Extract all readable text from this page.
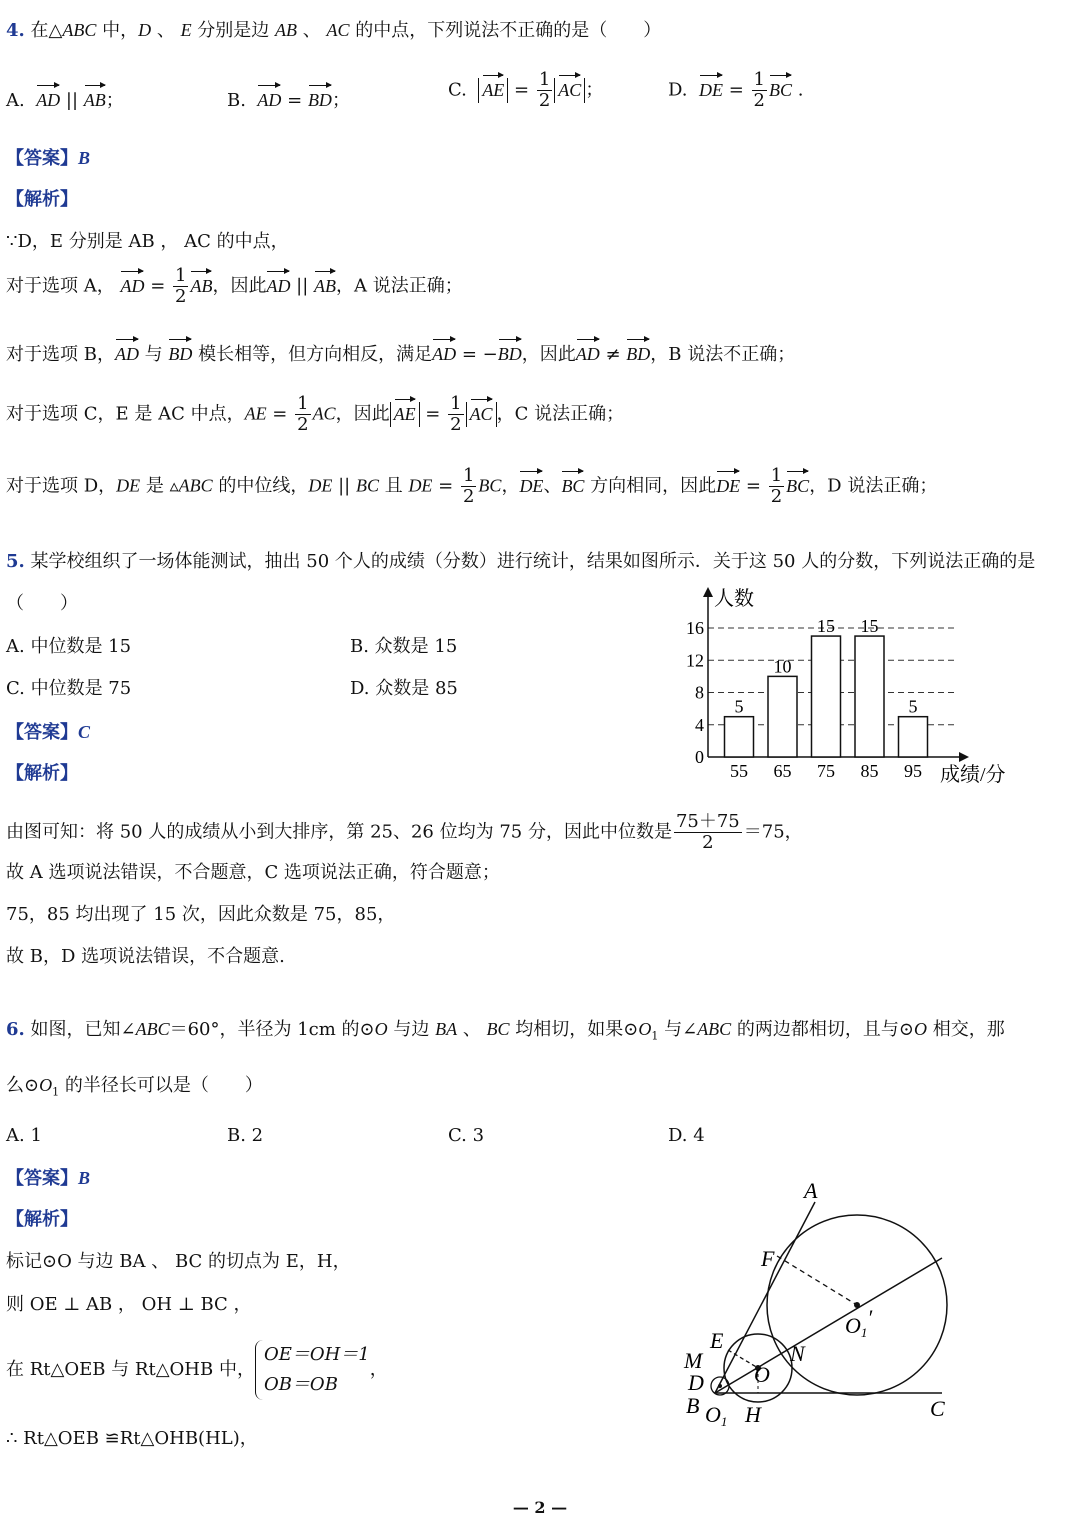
4. 在△ABC 中，D 、 E 分别是边 AB 、 AC 的中点，下列说法不正确的是（　　）
A. AD || AB；	B. AD = BD；	C. AE = $\frac{1}{2}$ AC ；	D. DE = $\frac{1}{2}$ BC .
【答案】B
【解析】
∵D，E 分别是 AB ， AC 的中点，
对于选项 A， AD = $\frac{1}{2}$ AB，因此AD || AB，A 说法正确；
对于选项 B，AD 与 BD 模长相等，但方向相反，满足AD = −BD，因此AD ≠ BD，B 说法不正确；
对于选项 C，E 是 AC 中点，AE = $\frac{1}{2}$ AC，因此 AE = $\frac{1}{2}$ AC ，C 说法正确；
对于选项 D，DE 是 ▵ABC 的中位线，DE || BC 且 DE = $\frac{1}{2}$ BC，DE、BC 方向相同，因此DE = $\frac{1}{2}$ BC，D 说法正确；
5. 某学校组织了一场体能测试，抽出 50 个人的成绩（分数）进行统计，结果如图所示．关于这 50 人的分数，下列说法正确的是
（　　）
A. 中位数是 15	B. 众数是 15
C. 中位数是 75	D. 众数是 85
【答案】C
【解析】
由图可知：将 50 人的成绩从小到大排序，第 25、26 位均为 75 分，因此中位数是 $\frac{75+75}{2} =75$，
故 A 选项说法错误，不合题意，C 选项说法正确，符合题意；
75，85 均出现了 15 次，因此众数是 75，85，
故 B，D 选项说法错误，不合题意.
人数
成绩/分
0
4
8
12
16
5
55
10
65
15
75
15
85
5
95
6. 如图，已知∠ABC＝60°，半径为 1cm 的⊙O 与边 BA 、 BC 均相切，如果$⊙O_1$ 与∠ABC 的两边都相切，且与⊙O 相交，那
么$⊙O_1$ 的半径长可以是（　　）
A. 1	B. 2	C. 3	D. 4
【答案】B
【解析】
标记⊙O 与边 BA 、 BC 的切点为 E，H，
则 OE ⊥ AB ， OH ⊥ BC ，
在 Rt△OEB 与 Rt△OHB 中，
OE＝OH＝1
OB＝OB
，
∴ Rt△OEB ≌Rt△OHB(HL)，
A
F
E
M
D
B O1 H
O
N
O1′
C
— 2 —
